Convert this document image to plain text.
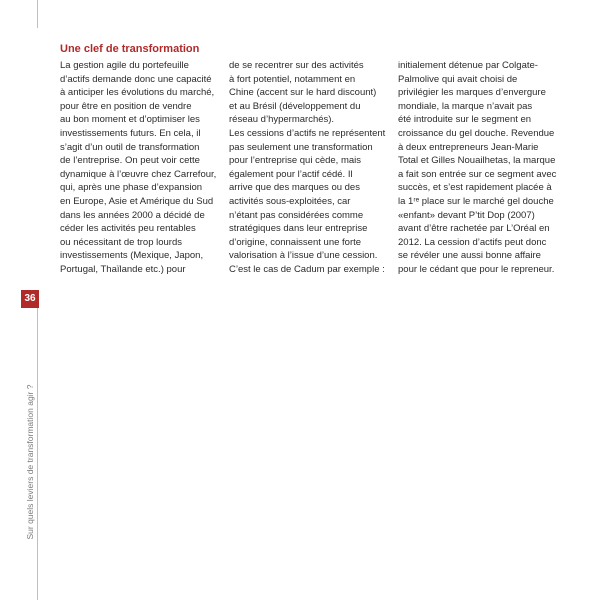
36
Sur quels leviers de transformation agir ?
Une clef de transformation
La gestion agile du portefeuille
d’actifs demande donc une capacité
à anticiper les évolutions du marché,
pour être en position de vendre
au bon moment et d’optimiser les
investissements futurs. En cela, il
s’agit d’un outil de transformation
de l’entreprise. On peut voir cette
dynamique à l’œuvre chez Carrefour,
qui, après une phase d’expansion
en Europe, Asie et Amérique du Sud
dans les années 2000 a décidé de
céder les activités peu rentables
ou nécessitant de trop lourds
investissements (Mexique, Japon,
Portugal, Thaïlande etc.) pour
de se recentrer sur des activités
à fort potentiel, notamment en
Chine (accent sur le hard discount)
et au Brésil (développement du
réseau d’hypermarchés).
Les cessions d’actifs ne représentent
pas seulement une transformation
pour l’entreprise qui cède, mais
également pour l’actif cédé. Il
arrive que des marques ou des
activités sous-exploitées, car
n’étant pas considérées comme
stratégiques dans leur entreprise
d’origine, connaissent une forte
valorisation à l’issue d’une cession.
C’est le cas de Cadum par exemple :
initialement détenue par Colgate-
Palmolive qui avait choisi de
privilégier les marques d’envergure
mondiale, la marque n’avait pas
été introduite sur le segment en
croissance du gel douche. Revendue
à deux entrepreneurs Jean-Marie
Total et Gilles Nouailhetas, la marque
a fait son entrée sur ce segment avec
succès, et s’est rapidement placée à
la 1ʳᵉ place sur le marché gel douche
«enfant» devant P’tit Dop (2007)
avant d’être rachetée par L’Oréal en
2012. La cession d’actifs peut donc
se révéler une aussi bonne affaire
pour le cédant que pour le repreneur.
